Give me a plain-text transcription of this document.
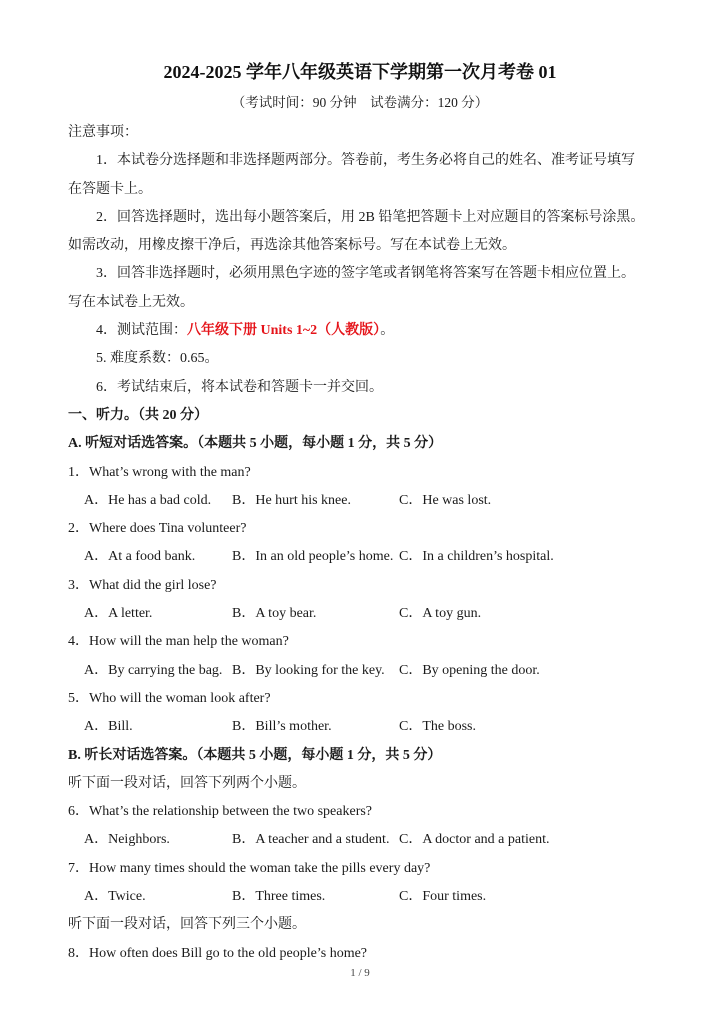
2024-2025 学年八年级英语下学期第一次月考卷 01
（考试时间：90 分钟　试卷满分：120 分）
注意事项：
1．本试卷分选择题和非选择题两部分。答卷前，考生务必将自己的姓名、准考证号填写
在答题卡上。
2．回答选择题时，选出每小题答案后，用 2B 铅笔把答题卡上对应题目的答案标号涂黑。
如需改动，用橡皮擦干净后，再选涂其他答案标号。写在本试卷上无效。
3．回答非选择题时，必须用黑色字迹的签字笔或者钢笔将答案写在答题卡相应位置上。
写在本试卷上无效。
4．测试范围：八年级下册 Units 1~2（人教版）。
5. 难度系数：0.65。
6．考试结束后，将本试卷和答题卡一并交回。
一、听力。（共 20 分）
A. 听短对话选答案。（本题共 5 小题，每小题 1 分，共 5 分）
1．What’s wrong with the man?
A．He has a bad cold. B．He hurt his knee.	C．He was lost.
2．Where does Tina volunteer?
A．At a food bank.	B．In an old people’s home. C．In a children’s hospital.
3．What did the girl lose?
A．A letter.	B．A toy bear.	C．A toy gun.
4．How will the man help the woman?
A．By carrying the bag. B．By looking for the key. C．By opening the door.
5．Who will the woman look after?
A．Bill.	B．Bill’s mother.	C．The boss.
B. 听长对话选答案。（本题共 5 小题，每小题 1 分，共 5 分）
听下面一段对话，回答下列两个小题。
6．What’s the relationship between the two speakers?
A．Neighbors.	B．A teacher and a student. C．A doctor and a patient.
7．How many times should the woman take the pills every day?
A．Twice.	B．Three times.	C．Four times.
听下面一段对话，回答下列三个小题。
8．How often does Bill go to the old people’s home?
1 / 9
